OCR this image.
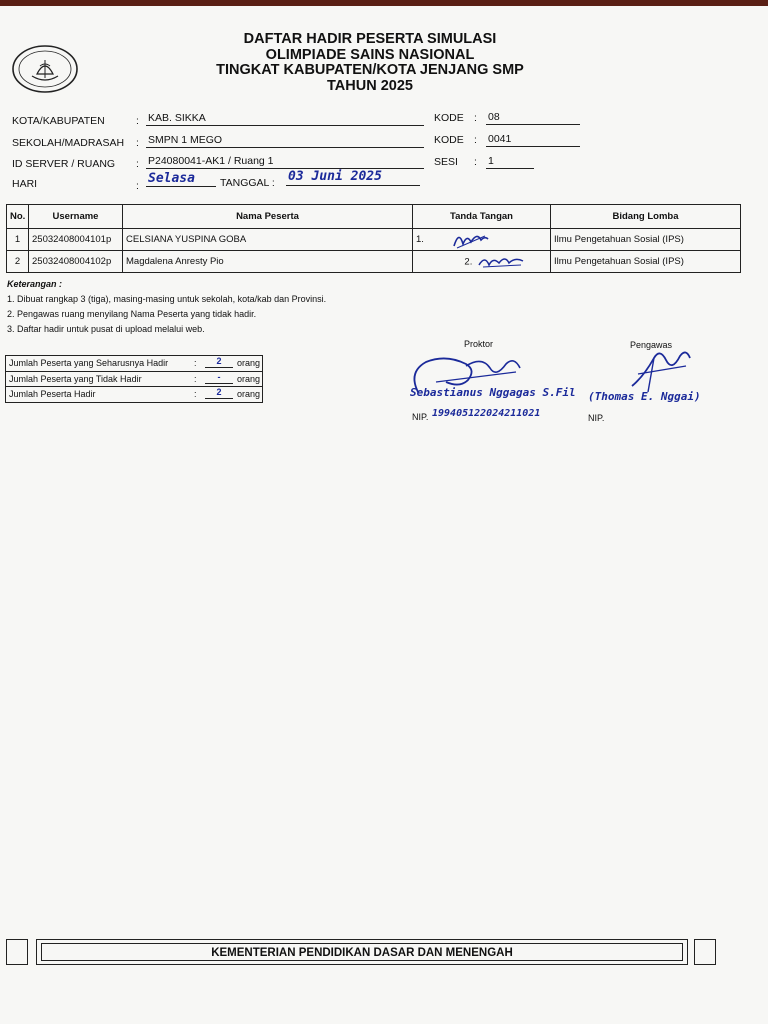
DAFTAR HADIR PESERTA SIMULASI
OLIMPIADE SAINS NASIONAL
TINGKAT KABUPATEN/KOTA JENJANG SMP
TAHUN 2025
KOTA/KABUPATEN	: KAB. SIKKA	KODE : 08
SEKOLAH/MADRASAH : SMPN 1 MEGO	KODE : 0041
ID SERVER / RUANG : P24080041-AK1 / Ruang 1	SESI : 1
HARI	: Selasa	TANGGAL : 03 Juni 2025
No.	Username	Nama Peserta	Tanda Tangan	Bidang Lomba
1	25032408004101p	CELSIANA YUSPINA GOBA	1.	Ilmu Pengetahuan Sosial (IPS)
2	25032408004102p	Magdalena Anresty Pio	2.	Ilmu Pengetahuan Sosial (IPS)
Keterangan :
1. Dibuat rangkap 3 (tiga), masing-masing untuk sekolah, kota/kab dan Provinsi.
2. Pengawas ruang menyilang Nama Peserta yang tidak hadir.
3. Daftar hadir untuk pusat di upload melalui web.
Jumlah Peserta yang Seharusnya Hadir	:	2	orang
Jumlah Peserta yang Tidak Hadir	:	-	orang
Jumlah Peserta Hadir	:	2	orang
Proktor
Sebastianus Nggagas S.Fil
NIP. 199405122024211021
Pengawas
(Thomas E. Nggai)
NIP.
KEMENTERIAN PENDIDIKAN DASAR DAN MENENGAH
